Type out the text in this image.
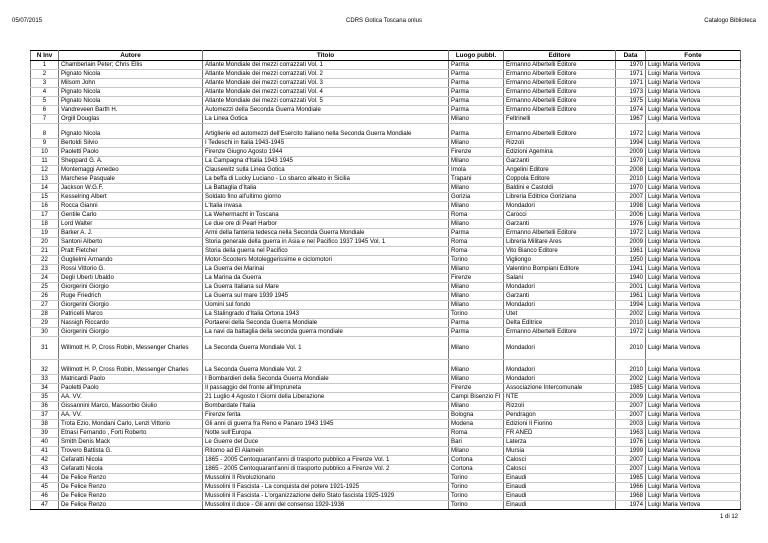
05/07/2015	CDRS Gotica Toscana onlus	Catalogo Biblioteca
N Inv	Autore	Titolo	Luogo pubbl.	Editore	Data	Fonte
1	Chamberlain Peter; Chris Ellis	Atlante Mondiale dei mezzi corrazzati Vol. 1	Parma	Ermanno Albertelli Editore	1970	Luigi Maria Vertova
2	Pignato Nicola	Atlante Mondiale dei mezzi corrazzati Vol. 2	Parma	Ermanno Albertelli Editore	1971	Luigi Maria Vertova
3	Milsom John	Atlante Mondiale dei mezzi corrazzati Vol. 3	Parma	Ermanno Albertelli Editore	1971	Luigi Maria Vertova
4	Pignato Nicola	Atlante Mondiale dei mezzi corrazzati Vol. 4	Parma	Ermanno Albertelli Editore	1973	Luigi Maria Vertova
5	Pignato Nicola	Atlante Mondiale dei mezzi corrazzati Vol. 5	Parma	Ermanno Albertelli Editore	1975	Luigi Maria Vertova
6	Vandreveen Barth H.	Automezzi della Seconda Guerra Mondiale	Parma	Ermanno Albertelli Editore	1974	Luigi Maria Vertova
7	Orgill Douglas	La Linea Gotica	Milano	Feltrinelli	1967	Luigi Maria Vertova
8	Pignato Nicola	Artiglierie ed automezzi dell'Esercito Italiano nella Seconda Guerra Mondiale	Parma	Ermanno Albertelli Editore	1972	Luigi Maria Vertova
9	Bertoldi Silvio	I Tedeschi in Italia 1943-1945	Milano	Rizzoli	1994	Luigi Maria Vertova
10	Paoletti Paolo	Firenze Giugno Agosto 1944	Firenze	Edizioni Agemina	2009	Luigi Maria Vertova
11	Sheppard G. A.	La Campagna d'Italia 1943 1945	Milano	Garzanti	1970	Luigi Maria Vertova
12	Montemaggi Amedeo	Clausewitz sulla Linea Gotica	Imola	Angelini Editore	2008	Luigi Maria Vertova
13	Marchese Pasquale	La beffa di Lucky Luciano - Lo sbarco alleato in Sicilia	Trapani	Coppola Editore	2010	Luigi Maria Vertova
14	Jackson W.G.F.	La Battaglia d'Italia	Milano	Baldini e Castoldi	1970	Luigi Maria Vertova
15	Kesselring Albert	Soldato fino all'ultimo giorno	Gorizia	Libreria Editrice Goriziana	2007	Luigi Maria Vertova
16	Rocca Gianni	L'Italia invasa	Milano	Mondadori	1998	Luigi Maria Vertova
17	Gentile Carlo	La Wehermacht in Toscana	Roma	Carocci	2006	Luigi Maria Vertova
18	Lord Walter	Le due ore di Pearl Harbor	Milano	Garzanti	1976	Luigi Maria Vertova
19	Barker A. J.	Armi della fanteria tedesca nella Seconda Guerra Mondiale	Parma	Ermanno Albertelli Editore	1972	Luigi Maria Vertova
20	Santoni Alberto	Storia generale della guerra in Asia e nel Pacifico 1937 1945 Vol. 1	Roma	Libreria Militare Ares	2009	Luigi Maria Vertova
21	Pratt Fletcher	Storia della guerra nel Pacifico	Roma	Vito Bianco Editore	1961	Luigi Maria Vertova
22	Guglielmi Armando	Motor-Scooters Motoleggerissime e ciclomotori	Torino	Vigliongo	1950	Luigi Maria Vertova
23	Rossi Vittorio G.	La Guerra dei Marinai	Milano	Valentino Bompiani Editore	1941	Luigi Maria Vertova
24	Degli Uberti Ubaldo	La Marina da Guerra	Firenze	Salani	1940	Luigi Maria Vertova
25	Giorgerini Giorgio	La Guerra Italiana sul Mare	Milano	Mondadori	2001	Luigi Maria Vertova
26	Ruge Friedrich	La Guerra sul mare 1939 1945	Milano	Garzanti	1961	Luigi Maria Vertova
27	Giorgerini Giorgio	Uomini sul fondo	Milano	Mondadori	1994	Luigi Maria Vertova
28	Patricelli Marco	La Stalingrado d'Italia Ortona 1943	Torino	Utet	2002	Luigi Maria Vertova
29	Nassigh Riccardo	Portaerei della Seconda Guerra Mondiale	Parma	Delta Editrice	2010	Luigi Maria Vertova
30	Giorgerini Giorgio	La navi da battaglia della seconda guerra mondiale	Parma	Ermanno Albertelli Editore	1972	Luigi Maria Vertova
31	Willmott H. P, Cross Robin, Messenger Charles	La Seconda Guerra Mondiale Vol. 1	Milano	Mondadori	2010	Luigi Maria Vertova
32	Willmott H. P, Cross Robin, Messenger Charles	La Seconda Guerra Mondiale Vol. 2	Milano	Mondadori	2010	Luigi Maria Vertova
33	Matricardi Paolo	I Bombardieri della Seconda Guerra Mondiale	Milano	Mondadori	2002	Luigi Maria Vertova
34	Paoletti Paolo	Il passaggio del fronte all'Impruneta	Firenze	Associazione Intercomunale	1985	Luigi Maria Vertova
35	AA. VV.	21 Luglio 4 Agosto I Giorni della Liberazione	Campi Bisenzio FI	NTE	2009	Luigi Maria Vertova
36	Gissannini Marco, Massorbio Giulio	Bombardate l'Italia	Milano	Rizzoli	2007	Luigi Maria Vertova
37	AA. VV.	Firenze ferita	Bologna	Pendragon	2007	Luigi Maria Vertova
38	Trota Ezio, Mondani Carlo, Lenzi Vittorio	Gli anni di guerra fra Reno e Panaro 1943 1945	Modena	Edizioni Il Fiorino	2003	Luigi Maria Vertova
39	Etnasi Fernando , Forti Roberto	Notte sull'Europa	Roma	FR ANED	1963	Luigi Maria Vertova
40	Smith Denis Mack	Le Guerre del Duce	Bari	Laterza	1976	Luigi Maria Vertova
41	Trovero Battista G.	Ritorno ad El Alamein	Milano	Mursia	1999	Luigi Maria Vertova
42	Cefaratti Nicola	1865 - 2005 Centoquarant'anni di trasporto pubblico a Firenze Vol. 1	Cortona	Calosci	2007	Luigi Maria Vertova
43	Cefaratti Nicola	1865 - 2005 Centoquarant'anni di trasporto pubblico a Firenze Vol. 2	Cortona	Calosci	2007	Luigi Maria Vertova
44	De Felice Renzo	Mussolini Il Rivoluzionario	Torino	Einaudi	1965	Luigi Maria Vertova
45	De Felice Renzo	Mussolini Il Fascista - La conquista del potere 1921-1925	Torino	Einaudi	1966	Luigi Maria Vertova
46	De Felice Renzo	Mussolini Il Fascista - L'organizzazione dello Stato fascista 1925-1929	Torino	Einaudi	1968	Luigi Maria Vertova
47	De Felice Renzo	Mussolini il duce - Gli anni del consenso 1929-1936	Torino	Einaudi	1974	Luigi Maria Vertova
1 di 12
